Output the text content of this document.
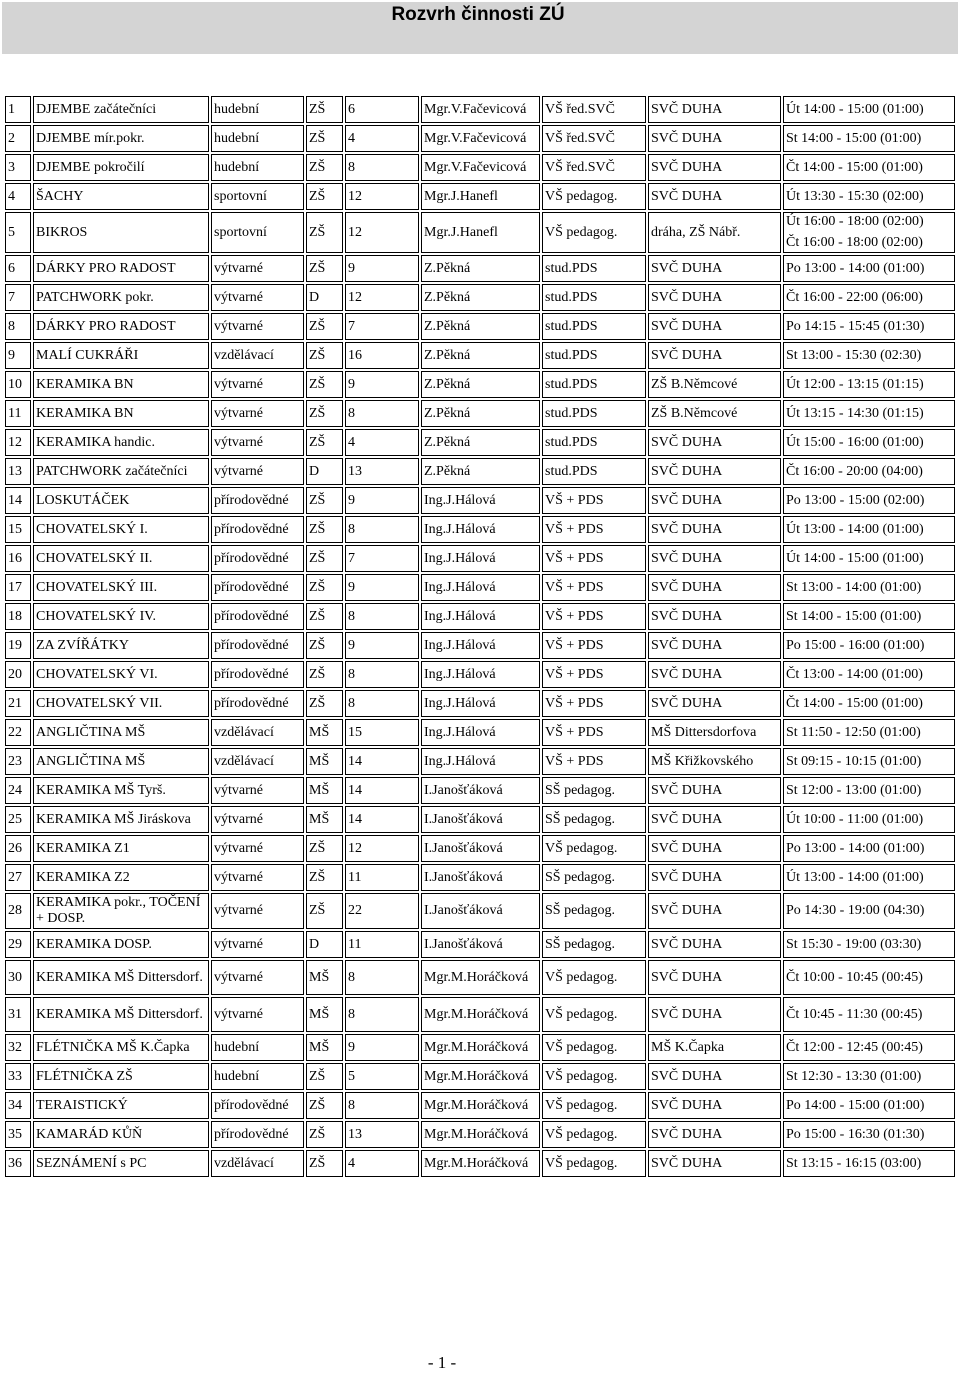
Rozvrh činnosti ZÚ
1	DJEMBE začátečníci	hudební	ZŠ	6	Mgr.V.Fačevicová	VŠ řed.SVČ	SVČ DUHA	Út 14:00 - 15:00 (01:00)

2	DJEMBE mír.pokr.	hudební	ZŠ	4	Mgr.V.Fačevicová	VŠ řed.SVČ	SVČ DUHA	St 14:00 - 15:00 (01:00)

3	DJEMBE pokročilí	hudební	ZŠ	8	Mgr.V.Fačevicová	VŠ řed.SVČ	SVČ DUHA	Čt 14:00 - 15:00 (01:00)

4	ŠACHY	sportovní	ZŠ	12	Mgr.J.Hanefl	VŠ pedagog.	SVČ DUHA	Út 13:30 - 15:30 (02:00)

5	BIKROS	sportovní	ZŠ	12	Mgr.J.Hanefl	VŠ pedagog.	dráha, ZŠ Nábř.	Út 16:00 - 18:00 (02:00)
Čt 16:00 - 18:00 (02:00)

6	DÁRKY PRO RADOST	výtvarné	ZŠ	9	Z.Pěkná	stud.PDS	SVČ DUHA	Po 13:00 - 14:00 (01:00)

7	PATCHWORK pokr.	výtvarné	D	12	Z.Pěkná	stud.PDS	SVČ DUHA	Čt 16:00 - 22:00 (06:00)

8	DÁRKY PRO RADOST	výtvarné	ZŠ	7	Z.Pěkná	stud.PDS	SVČ DUHA	Po 14:15 - 15:45 (01:30)

9	MALÍ CUKRÁŘI	vzdělávací	ZŠ	16	Z.Pěkná	stud.PDS	SVČ DUHA	St 13:00 - 15:30 (02:30)

10	KERAMIKA BN	výtvarné	ZŠ	9	Z.Pěkná	stud.PDS	ZŠ B.Němcové	Út 12:00 - 13:15 (01:15)

11	KERAMIKA BN	výtvarné	ZŠ	8	Z.Pěkná	stud.PDS	ZŠ B.Němcové	Út 13:15 - 14:30 (01:15)

12	KERAMIKA handic.	výtvarné	ZŠ	4	Z.Pěkná	stud.PDS	SVČ DUHA	Út 15:00 - 16:00 (01:00)

13	PATCHWORK začátečníci	výtvarné	D	13	Z.Pěkná	stud.PDS	SVČ DUHA	Čt 16:00 - 20:00 (04:00)

14	LOSKUTÁČEK	přírodovědné	ZŠ	9	Ing.J.Hálová	VŠ + PDS	SVČ DUHA	Po 13:00 - 15:00 (02:00)

15	CHOVATELSKÝ I.	přírodovědné	ZŠ	8	Ing.J.Hálová	VŠ + PDS	SVČ DUHA	Út 13:00 - 14:00 (01:00)

16	CHOVATELSKÝ II.	přírodovědné	ZŠ	7	Ing.J.Hálová	VŠ + PDS	SVČ DUHA	Út 14:00 - 15:00 (01:00)

17	CHOVATELSKÝ III.	přírodovědné	ZŠ	9	Ing.J.Hálová	VŠ + PDS	SVČ DUHA	St 13:00 - 14:00 (01:00)

18	CHOVATELSKÝ IV.	přírodovědné	ZŠ	8	Ing.J.Hálová	VŠ + PDS	SVČ DUHA	St 14:00 - 15:00 (01:00)

19	ZA ZVÍŘÁTKY	přírodovědné	ZŠ	9	Ing.J.Hálová	VŠ + PDS	SVČ DUHA	Po 15:00 - 16:00 (01:00)

20	CHOVATELSKÝ VI.	přírodovědné	ZŠ	8	Ing.J.Hálová	VŠ + PDS	SVČ DUHA	Čt 13:00 - 14:00 (01:00)

21	CHOVATELSKÝ VII.	přírodovědné	ZŠ	8	Ing.J.Hálová	VŠ + PDS	SVČ DUHA	Čt 14:00 - 15:00 (01:00)

22	ANGLIČTINA MŠ	vzdělávací	MŠ	15	Ing.J.Hálová	VŠ + PDS	MŠ Dittersdorfova	St 11:50 - 12:50 (01:00)

23	ANGLIČTINA MŠ	vzdělávací	MŠ	14	Ing.J.Hálová	VŠ + PDS	MŠ Křižkovského	St 09:15 - 10:15 (01:00)

24	KERAMIKA MŠ Tyrš.	výtvarné	MŠ	14	I.Janošťáková	SŠ pedagog.	SVČ DUHA	St 12:00 - 13:00 (01:00)

25	KERAMIKA MŠ Jiráskova	výtvarné	MŠ	14	I.Janošťáková	SŠ pedagog.	SVČ DUHA	Út 10:00 - 11:00 (01:00)

26	KERAMIKA Z1	výtvarné	ZŠ	12	I.Janošťáková	VŠ pedagog.	SVČ DUHA	Po 13:00 - 14:00 (01:00)

27	KERAMIKA Z2	výtvarné	ZŠ	11	I.Janošťáková	SŠ pedagog.	SVČ DUHA	Út 13:00 - 14:00 (01:00)

28	KERAMIKA pokr., TOČENÍ + DOSP.	výtvarné	ZŠ	22	I.Janošťáková	SŠ pedagog.	SVČ DUHA	Po 14:30 - 19:00 (04:30)

29	KERAMIKA DOSP.	výtvarné	D	11	I.Janošťáková	SŠ pedagog.	SVČ DUHA	St 15:30 - 19:00 (03:30)

30	KERAMIKA MŠ Dittersdorf.	výtvarné	MŠ	8	Mgr.M.Horáčková	VŠ pedagog.	SVČ DUHA	Čt 10:00 - 10:45 (00:45)

31	KERAMIKA MŠ Dittersdorf.	výtvarné	MŠ	8	Mgr.M.Horáčková	VŠ pedagog.	SVČ DUHA	Čt 10:45 - 11:30 (00:45)

32	FLÉTNIČKA MŠ K.Čapka	hudební	MŠ	9	Mgr.M.Horáčková	VŠ pedagog.	MŠ K.Čapka	Čt 12:00 - 12:45 (00:45)

33	FLÉTNIČKA ZŠ	hudební	ZŠ	5	Mgr.M.Horáčková	VŠ pedagog.	SVČ DUHA	St 12:30 - 13:30 (01:00)

34	TERAISTICKÝ	přírodovědné	ZŠ	8	Mgr.M.Horáčková	VŠ pedagog.	SVČ DUHA	Po 14:00 - 15:00 (01:00)

35	KAMARÁD KŮŇ	přírodovědné	ZŠ	13	Mgr.M.Horáčková	VŠ pedagog.	SVČ DUHA	Po 15:00 - 16:30 (01:30)

36	SEZNÁMENÍ s PC	vzdělávací	ZŠ	4	Mgr.M.Horáčková	VŠ pedagog.	SVČ DUHA	St 13:15 - 16:15 (03:00)
- 1 -
